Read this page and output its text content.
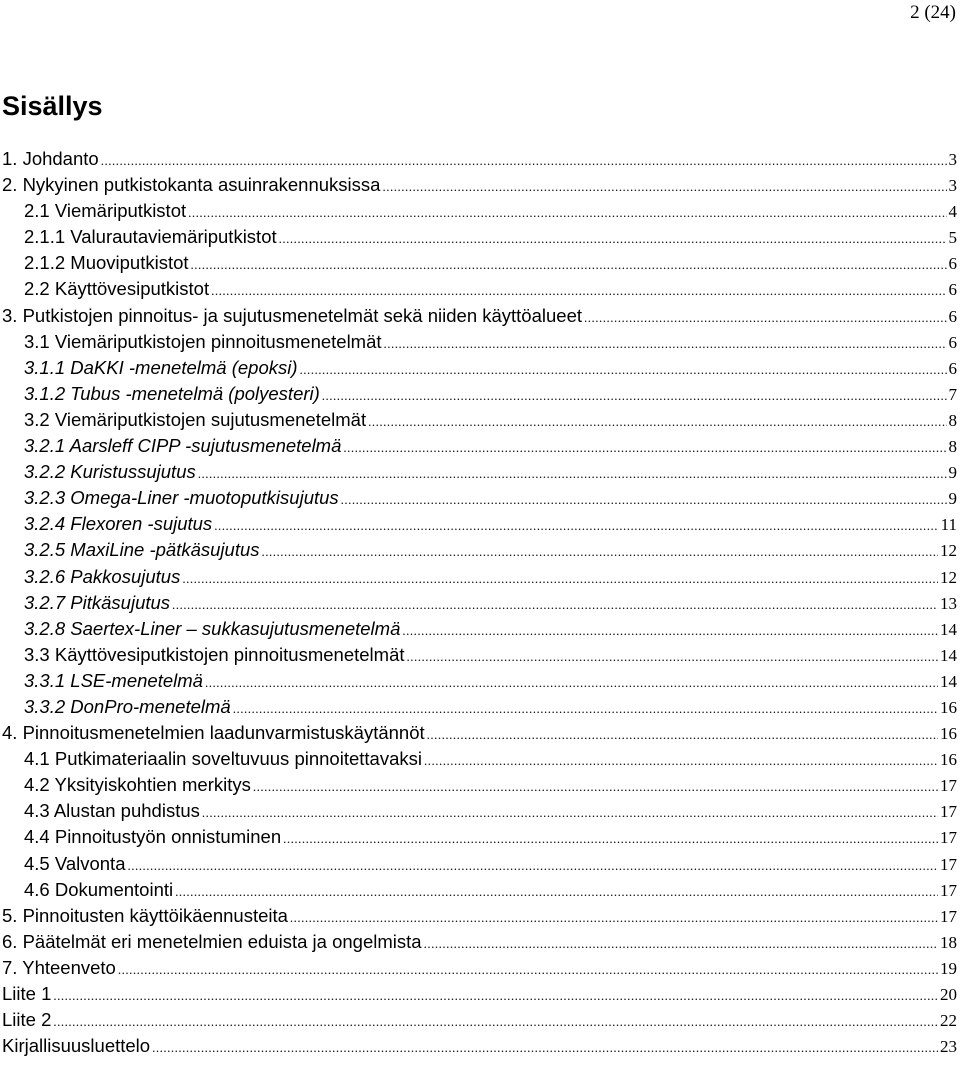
2 (24)
Sisällys
1. Johdanto .....	3
2. Nykyinen putkistokanta asuinrakennuksissa .....	3
2.1 Viemäriputkistot .....	4
2.1.1 Valurautaviemäriputkistot .....	5
2.1.2 Muoviputkistot .....	6
2.2 Käyttövesiputkistot .....	6
3. Putkistojen pinnoitus- ja sujutusmenetelmät sekä niiden käyttöalueet .....	6
3.1 Viemäriputkistojen pinnoitusmenetelmät .....	6
3.1.1 DaKKI -menetelmä (epoksi) .....	6
3.1.2 Tubus -menetelmä (polyesteri) .....	7
3.2 Viemäriputkistojen sujutusmenetelmät .....	8
3.2.1 Aarsleff CIPP -sujutusmenetelmä .....	8
3.2.2 Kuristussujutus .....	9
3.2.3 Omega-Liner -muotoputkisujutus .....	9
3.2.4 Flexoren -sujutus .....	11
3.2.5 MaxiLine -pätkäsujutus .....	12
3.2.6 Pakkosujutus .....	12
3.2.7 Pitkäsujutus .....	13
3.2.8 Saertex-Liner – sukkasujutusmenetelmä .....	14
3.3 Käyttövesiputkistojen pinnoitusmenetelmät .....	14
3.3.1 LSE-menetelmä .....	14
3.3.2 DonPro-menetelmä .....	16
4. Pinnoitusmenetelmien laadunvarmistuskäytännöt .....	16
4.1 Putkimateriaalin soveltuvuus pinnoitettavaksi .....	16
4.2 Yksityiskohtien merkitys .....	17
4.3 Alustan puhdistus .....	17
4.4 Pinnoitustyön onnistuminen .....	17
4.5 Valvonta .....	17
4.6 Dokumentointi .....	17
5. Pinnoitusten käyttöikäennusteita .....	17
6. Päätelmät eri menetelmien eduista ja ongelmista .....	18
7. Yhteenveto .....	19
Liite 1 .....	20
Liite 2 .....	22
Kirjallisuusluettelo .....	23
